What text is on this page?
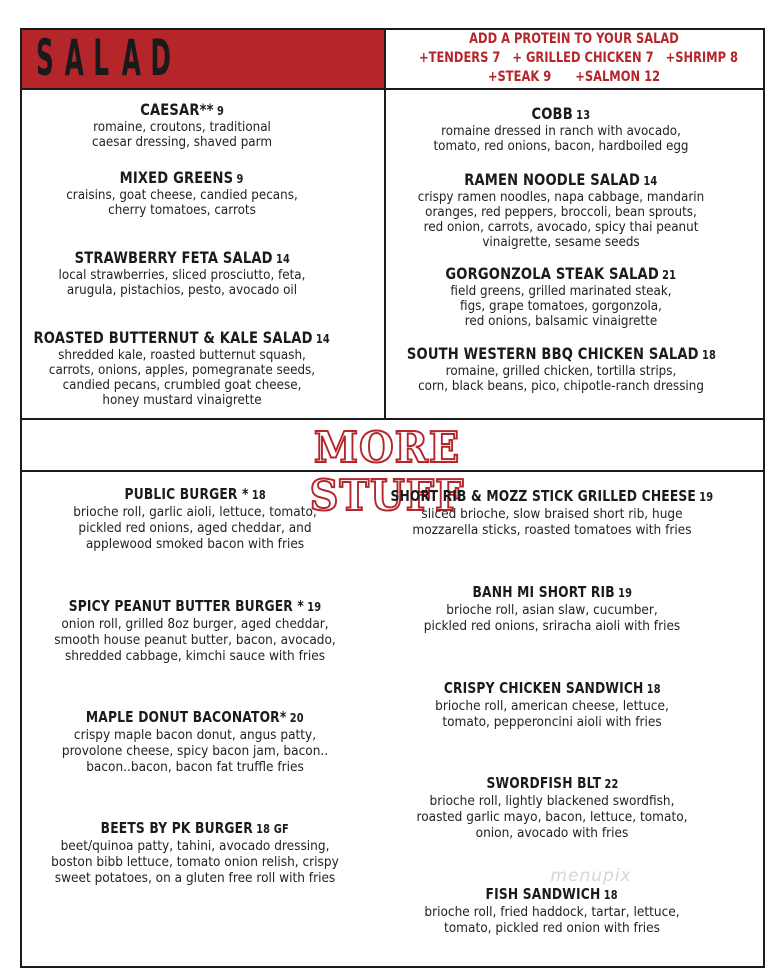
S A L A D	ADD A PROTEIN TO YOUR SALAD
+TENDERS 7   + GRILLED CHICKEN 7   +SHRIMP 8
+STEAK 9      +SALMON 12
MORE STUFF
CAESAR** 9
romaine, croutons, traditional
caesar dressing, shaved parm
MIXED GREENS 9
craisins, goat cheese, candied pecans,
cherry tomatoes, carrots
STRAWBERRY FETA SALAD 14
local strawberries, sliced prosciutto, feta,
arugula, pistachios, pesto, avocado oil
ROASTED BUTTERNUT & KALE SALAD 14
shredded kale, roasted butternut squash,
carrots, onions, apples, pomegranate seeds,
candied pecans, crumbled goat cheese,
honey mustard vinaigrette
COBB 13
romaine dressed in ranch with avocado,
tomato, red onions, bacon, hardboiled egg
RAMEN NOODLE SALAD 14
crispy ramen noodles, napa cabbage, mandarin
oranges, red peppers, broccoli, bean sprouts,
red onion, carrots, avocado, spicy thai peanut
vinaigrette, sesame seeds
GORGONZOLA STEAK SALAD 21
field greens, grilled marinated steak,
figs, grape tomatoes, gorgonzola,
red onions, balsamic vinaigrette
SOUTH WESTERN BBQ CHICKEN SALAD 18
romaine, grilled chicken, tortilla strips,
corn, black beans, pico, chipotle-ranch dressing
PUBLIC BURGER * 18
brioche roll, garlic aioli, lettuce, tomato,
pickled red onions, aged cheddar, and
applewood smoked bacon with fries
SPICY PEANUT BUTTER BURGER * 19
onion roll, grilled 8oz burger, aged cheddar,
smooth house peanut butter, bacon, avocado,
shredded cabbage, kimchi sauce with fries
MAPLE DONUT BACONATOR* 20
crispy maple bacon donut, angus patty,
provolone cheese, spicy bacon jam, bacon..
bacon..bacon, bacon fat truffle fries
BEETS BY PK BURGER 18 GF
beet/quinoa patty, tahini, avocado dressing,
boston bibb lettuce, tomato onion relish, crispy
sweet potatoes, on a gluten free roll with fries
SHORT RIB & MOZZ STICK GRILLED CHEESE 19
sliced brioche, slow braised short rib, huge
mozzarella sticks, roasted tomatoes with fries
BANH MI SHORT RIB 19
brioche roll, asian slaw, cucumber,
pickled red onions, sriracha aioli with fries
CRISPY CHICKEN SANDWICH 18
brioche roll, american cheese, lettuce,
tomato, pepperoncini aioli with fries
SWORDFISH BLT 22
brioche roll, lightly blackened swordfish,
roasted garlic mayo, bacon, lettuce, tomato,
onion, avocado with fries
FISH SANDWICH 18
brioche roll, fried haddock, tartar, lettuce,
tomato, pickled red onion with fries
menupix
